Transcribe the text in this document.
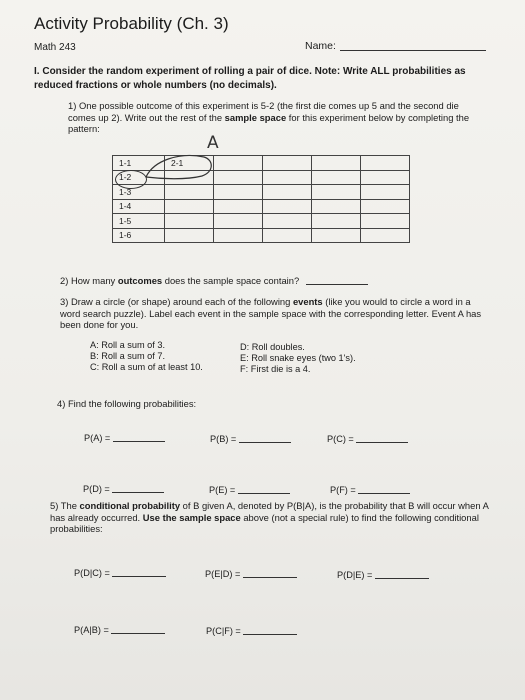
Activity Probability (Ch. 3)
Math 243	Name:
I. Consider the random experiment of rolling a pair of dice. Note: Write ALL probabilities as reduced fractions or whole numbers (no decimals).
1) One possible outcome of this experiment is 5-2 (the first die comes up 5 and the second die comes up 2). Write out the rest of the sample space for this experiment below by completing the pattern:
A
1-1	2-1				
1-2					
1-3					
1-4					
1-5					
1-6					
2) How many outcomes does the sample space contain?
3) Draw a circle (or shape) around each of the following events (like you would to circle a word in a word search puzzle). Label each event in the sample space with the corresponding letter. Event A has been done for you.
A: Roll a sum of 3.
B: Roll a sum of 7.
C: Roll a sum of at least 10.
D: Roll doubles.
E: Roll snake eyes (two 1's).
F: First die is a 4.
4) Find the following probabilities:
P(A) =	P(B) =	P(C) =
P(D) =	P(E) =	P(F) =
5) The conditional probability of B given A, denoted by P(B|A), is the probability that B will occur when A has already occurred. Use the sample space above (not a special rule) to find the following conditional probabilities:
P(D|C) =	P(E|D) =	P(D|E) =
P(A|B) =	P(C|F) =
